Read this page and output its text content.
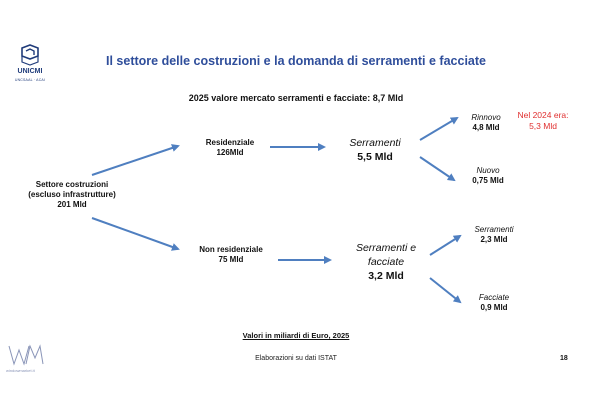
UNICMI
UNCSAAL · ACAI
Il settore delle costruzioni e la domanda di serramenti e facciate
2025 valore mercato serramenti e facciate: 8,7 Mld
Settore costruzioni
(escluso infrastrutture)
201 Mld
Residenziale
126Mld
Non residenziale
75 Mld
Serramenti
5,5 Mld
Serramenti e
facciate
3,2 Mld
Rinnovo
4,8 Mld
Nel 2024 era:
5,3 Mld
Nuovo
0,75 Mld
Serramenti
2,3 Mld
Facciate
0,9 Mld
Valori in miliardi di Euro, 2025
Elaborazioni su dati ISTAT	18
windowmarket.it
